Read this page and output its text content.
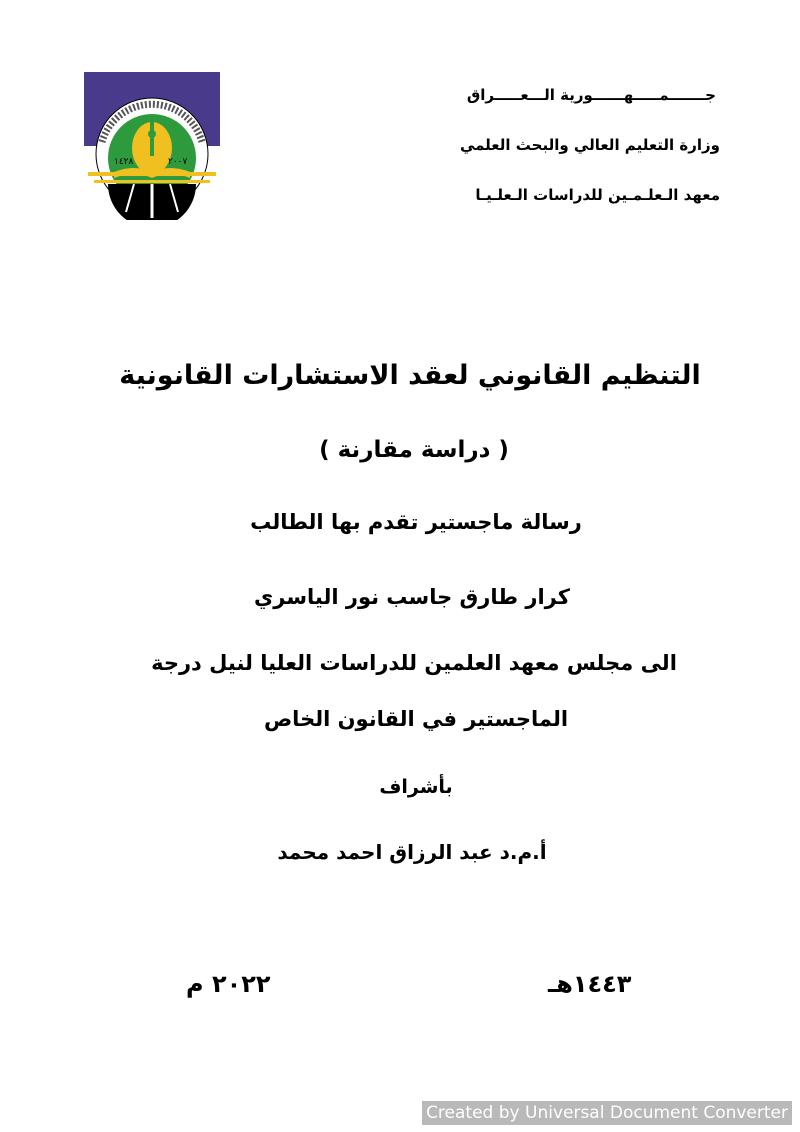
١٤٢٨	٢٠٠٧
جـــــــمـــــهــــــورية الـــعـــــراق
وزارة التعليم العالي والبحث العلمي
معهد الـعلـمـين للدراسات الـعلـيـا
التنظيم القانوني لعقد الاستشارات القانونية
( دراسة مقارنة )
رسالة ماجستير تقدم بها الطالب
كرار طارق جاسب نور الياسري
الى مجلس معهد العلمين للدراسات العليا لنيل درجة
الماجستير في القانون الخاص
بأشراف
أ.م.د عبد الرزاق احمد محمد
١٤٤٣هـ
٢٠٢٢ م
Created by Universal Document Converter
